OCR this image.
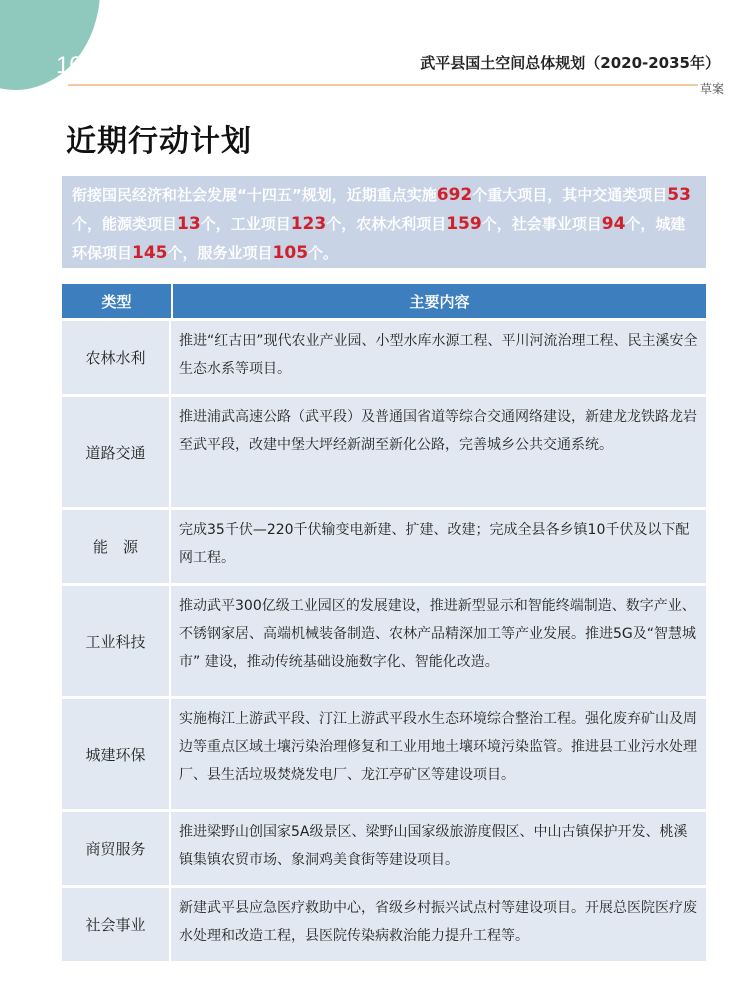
10	武平县国土空间总体规划（2020-2035年）
草案
近期行动计划
衔接国民经济和社会发展“十四五”规划，近期重点实施692个重大项目，其中交通类项目53个，能源类项目13个，工业项目123个，农林水利项目159个，社会事业项目94个，城建环保项目145个，服务业项目105个。
类型	主要内容
农林水利
推进“红古田”现代农业产业园、小型水库水源工程、平川河流治理工程、民主溪安全生态水系等项目。
道路交通
推进浦武高速公路（武平段）及普通国省道等综合交通网络建设，新建龙龙铁路龙岩至武平段，改建中堡大坪经新湖至新化公路，完善城乡公共交通系统。
能　源
完成35千伏—220千伏输变电新建、扩建、改建；完成全县各乡镇10千伏及以下配网工程。
工业科技
推动武平300亿级工业园区的发展建设，推进新型显示和智能终端制造、数字产业、不锈钢家居、高端机械装备制造、农林产品精深加工等产业发展。推进5G及“智慧城市” 建设，推动传统基础设施数字化、智能化改造。
城建环保
实施梅江上游武平段、汀江上游武平段水生态环境综合整治工程。强化废弃矿山及周边等重点区域土壤污染治理修复和工业用地土壤环境污染监管。推进县工业污水处理厂、县生活垃圾焚烧发电厂、龙江亭矿区等建设项目。
商贸服务
推进梁野山创国家5A级景区、梁野山国家级旅游度假区、中山古镇保护开发、桃溪镇集镇农贸市场、象洞鸡美食街等建设项目。
社会事业
新建武平县应急医疗救助中心，省级乡村振兴试点村等建设项目。开展总医院医疗废水处理和改造工程，县医院传染病救治能力提升工程等。
